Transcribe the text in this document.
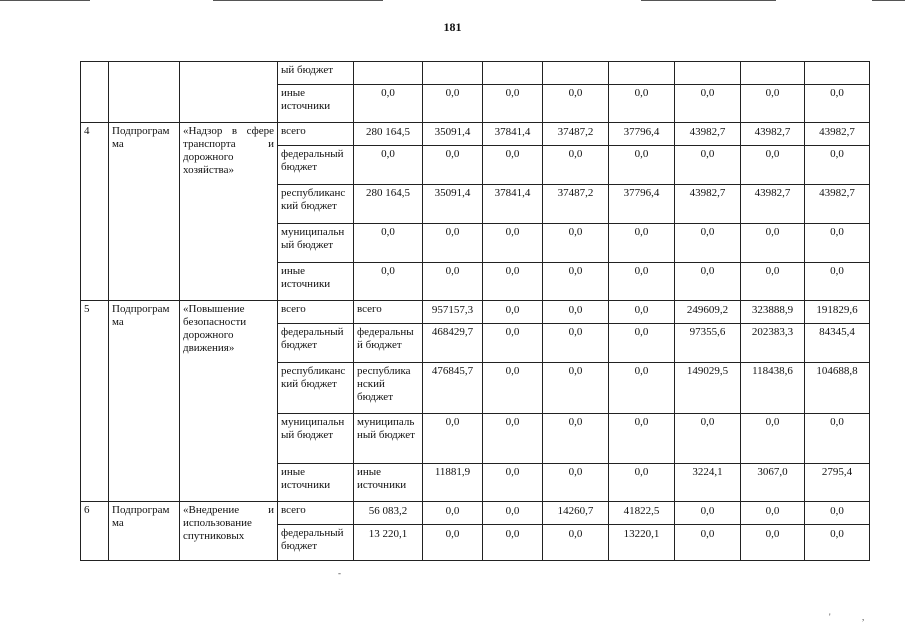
181
			ый бюджет								
			иные источники	0,0	0,0	0,0	0,0	0,0	0,0	0,0	0,0
4	Подпрограм ма	«Надзор в сфере транспорта и дорожного хозяйства»	всего	280 164,5	35091,4	37841,4	37487,2	37796,4	43982,7	43982,7	43982,7
			федеральный бюджет	0,0	0,0	0,0	0,0	0,0	0,0	0,0	0,0
			республиканс кий бюджет	280 164,5	35091,4	37841,4	37487,2	37796,4	43982,7	43982,7	43982,7
			муниципальн ый бюджет	0,0	0,0	0,0	0,0	0,0	0,0	0,0	0,0
			иные источники	0,0	0,0	0,0	0,0	0,0	0,0	0,0	0,0
5	Подпрограм ма	«Повышение безопасности дорожного движения»	всего	всего	957157,3	0,0	0,0	0,0	249609,2	323888,9	191829,6
			федеральный бюджет	федеральны й бюджет	468429,7	0,0	0,0	0,0	97355,6	202383,3	84345,4
			республиканс кий бюджет	республика нский бюджет	476845,7	0,0	0,0	0,0	149029,5	118438,6	104688,8
			муниципальн ый бюджет	муниципаль ный бюджет	0,0	0,0	0,0	0,0	0,0	0,0	0,0
			иные источники	иные источники	11881,9	0,0	0,0	0,0	3224,1	3067,0	2795,4
6	Подпрограм ма	«Внедрение и использование спутниковых	всего	56 083,2	0,0	0,0	14260,7	41822,5	0,0	0,0	0,0
			федеральный бюджет	13 220,1	0,0	0,0	0,0	13220,1	0,0	0,0	0,0
-
'	,
